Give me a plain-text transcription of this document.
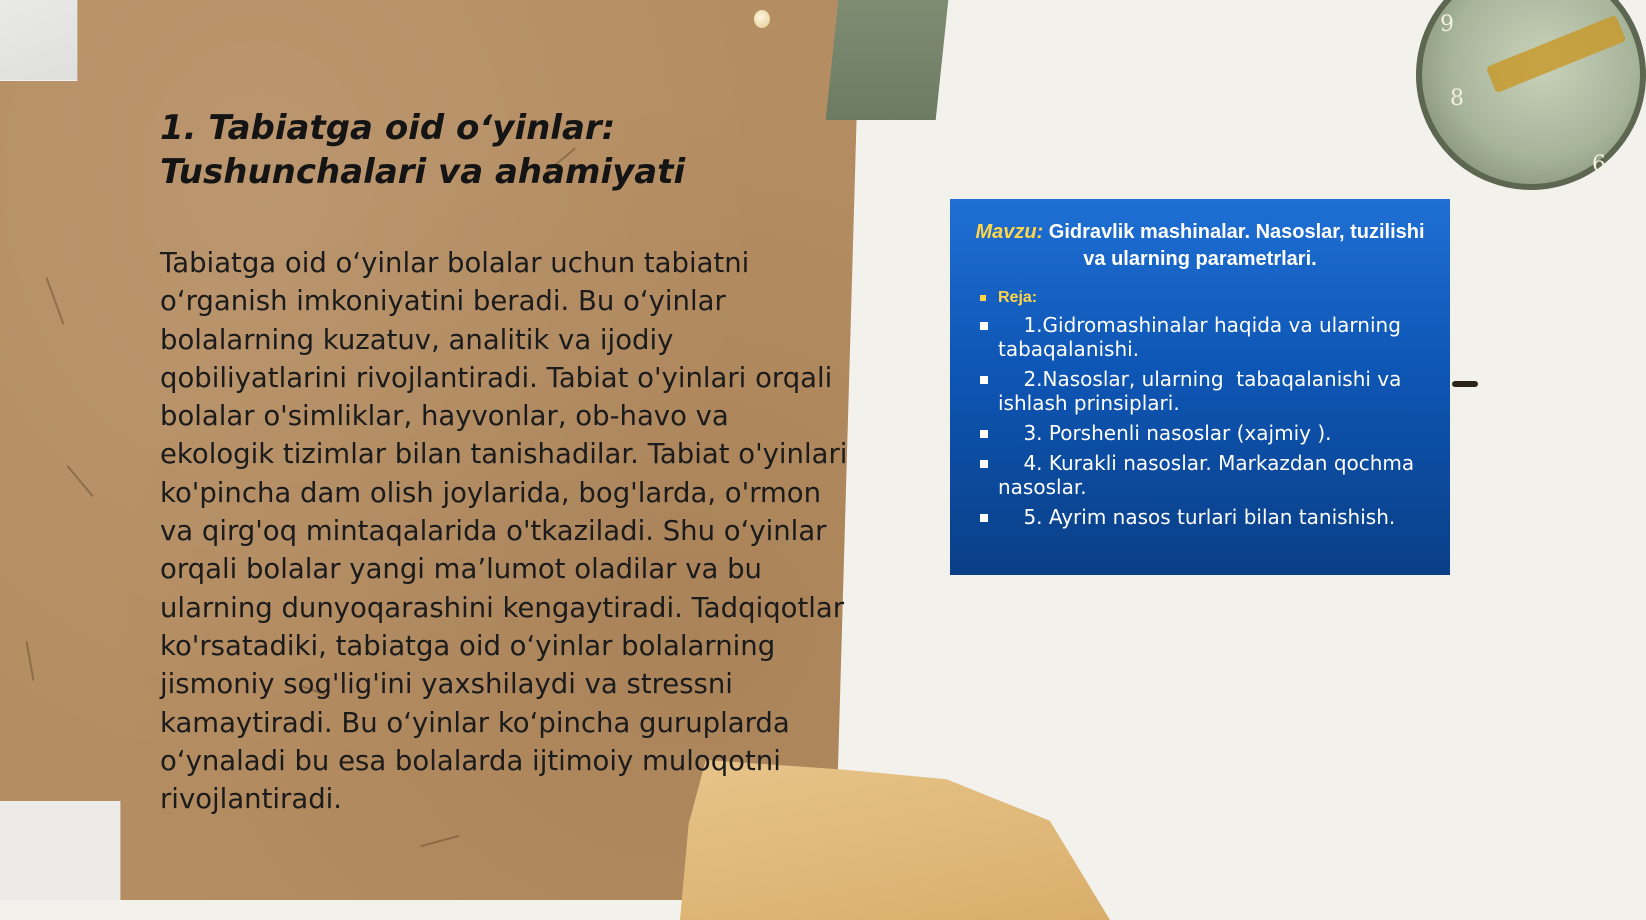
9
8
6
1. Tabiatga oid o‘yinlar: Tushunchalari va ahamiyati

Tabiatga oid o‘yinlar bolalar uchun tabiatni o‘rganish imkoniyatini beradi. Bu o‘yinlar bolalarning kuzatuv, analitik va ijodiy qobiliyatlarini rivojlantiradi. Tabiat o'yinlari orqali bolalar o'simliklar, hayvonlar, ob-havo va ekologik tizimlar bilan tanishadilar. Tabiat o'yinlari ko'pincha dam olish joylarida, bog'larda, o'rmon va qirg'oq mintaqalarida o'tkaziladi. Shu o‘yinlar orqali bolalar yangi ma’lumot oladilar va bu ularning dunyoqarashini kengaytiradi. Tadqiqotlar ko'rsatadiki, tabiatga oid o‘yinlar bolalarning jismoniy sog'lig'ini yaxshilaydi va stressni kamaytiradi. Bu o‘yinlar ko‘pincha guruplarda o‘ynaladi bu esa bolalarda ijtimoiy muloqotni rivojlantiradi.

Mavzu: Gidravlik mashinalar. Nasoslar, tuzilishi va ularning parametrlari.

Reja:
1.Gidromashinalar haqida va ularning tabaqalanishi.
2.Nasoslar, ularning  tabaqalanishi va ishlash prinsiplari.
3. Porshenli nasoslar (xajmiy ).
4. Kurakli nasoslar. Markazdan qochma nasoslar.
5. Ayrim nasos turlari bilan tanishish.
